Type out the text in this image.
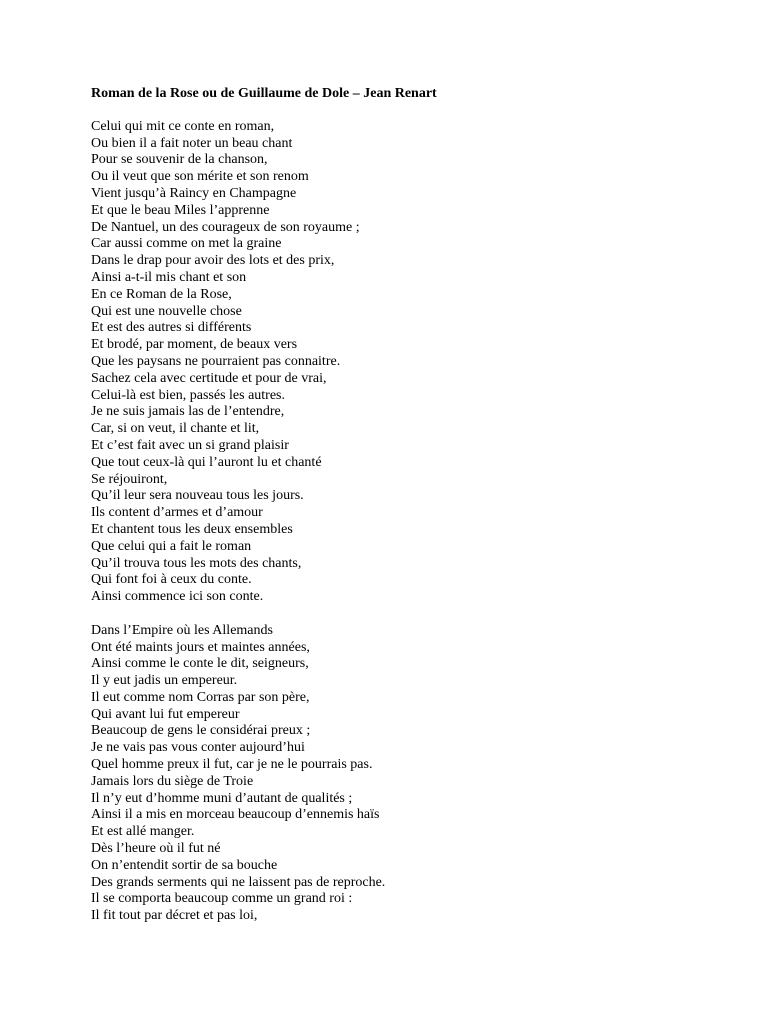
Roman de la Rose ou de Guillaume de Dole – Jean Renart
Celui qui mit ce conte en roman,
Ou bien il a fait noter un beau chant
Pour se souvenir de la chanson,
Ou il veut que son mérite et son renom
Vient jusqu’à Raincy en Champagne
Et que le beau Miles l’apprenne
De Nantuel, un des courageux de son royaume ;
Car aussi comme on met la graine
Dans le drap pour avoir des lots et des prix,
Ainsi a-t-il mis chant et son
En ce Roman de la Rose,
Qui est une nouvelle chose
Et est des autres si différents
Et brodé, par moment, de beaux vers
Que les paysans ne pourraient pas connaitre.
Sachez cela avec certitude et pour de vrai,
Celui-là est bien, passés les autres.
Je ne suis jamais las de l’entendre,
Car, si on veut, il chante et lit,
Et c’est fait avec un si grand plaisir
Que tout ceux-là qui l’auront lu et chanté
Se réjouiront,
Qu’il leur sera nouveau tous les jours.
Ils content d’armes et d’amour
Et chantent tous les deux ensembles
Que celui qui a fait le roman
Qu’il trouva tous les mots des chants,
Qui font foi à ceux du conte.
Ainsi commence ici son conte.
Dans l’Empire où les Allemands
Ont été maints jours et maintes années,
Ainsi comme le conte le dit, seigneurs,
Il y eut jadis un empereur.
Il eut comme nom Corras par son père,
Qui avant lui fut empereur
Beaucoup de gens le considérai preux ;
Je ne vais pas vous conter aujourd’hui
Quel homme preux il fut, car je ne le pourrais pas.
Jamais lors du siège de Troie
Il n’y eut d’homme muni d’autant de qualités ;
Ainsi il a mis en morceau beaucoup d’ennemis haïs
Et est allé manger.
Dès l’heure où il fut né
On n’entendit sortir de sa bouche
Des grands serments qui ne laissent pas de reproche.
Il se comporta beaucoup comme un grand roi :
Il fit tout par décret et pas loi,
